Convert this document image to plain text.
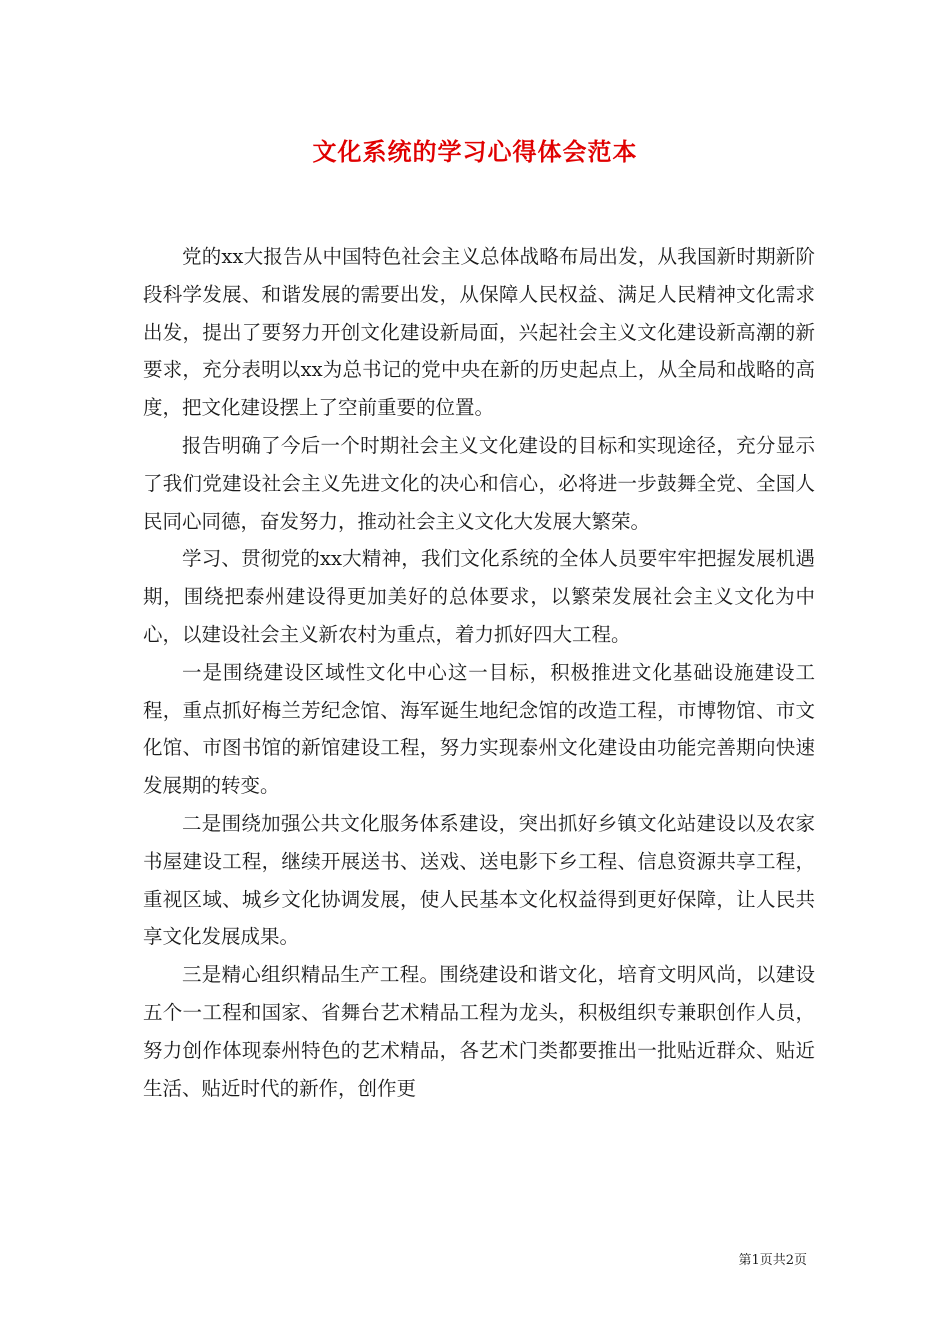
文化系统的学习心得体会范本

党的xx大报告从中国特色社会主义总体战略布局出发，从我国新时期新阶段科学发展、和谐发展的需要出发，从保障人民权益、满足人民精神文化需求出发，提出了要努力开创文化建设新局面，兴起社会主义文化建设新高潮的新要求，充分表明以xx为总书记的党中央在新的历史起点上，从全局和战略的高度，把文化建设摆上了空前重要的位置。

报告明确了今后一个时期社会主义文化建设的目标和实现途径，充分显示了我们党建设社会主义先进文化的决心和信心，必将进一步鼓舞全党、全国人民同心同德，奋发努力，推动社会主义文化大发展大繁荣。

学习、贯彻党的xx大精神，我们文化系统的全体人员要牢牢把握发展机遇期，围绕把泰州建设得更加美好的总体要求，以繁荣发展社会主义文化为中心，以建设社会主义新农村为重点，着力抓好四大工程。

一是围绕建设区域性文化中心这一目标，积极推进文化基础设施建设工程，重点抓好梅兰芳纪念馆、海军诞生地纪念馆的改造工程，市博物馆、市文化馆、市图书馆的新馆建设工程，努力实现泰州文化建设由功能完善期向快速发展期的转变。

二是围绕加强公共文化服务体系建设，突出抓好乡镇文化站建设以及农家书屋建设工程，继续开展送书、送戏、送电影下乡工程、信息资源共享工程，重视区域、城乡文化协调发展，使人民基本文化权益得到更好保障，让人民共享文化发展成果。

三是精心组织精品生产工程。围绕建设和谐文化，培育文明风尚，以建设五个一工程和国家、省舞台艺术精品工程为龙头，积极组织专兼职创作人员，努力创作体现泰州特色的艺术精品，各艺术门类都要推出一批贴近群众、贴近生活、贴近时代的新作，创作更

第1页共2页
